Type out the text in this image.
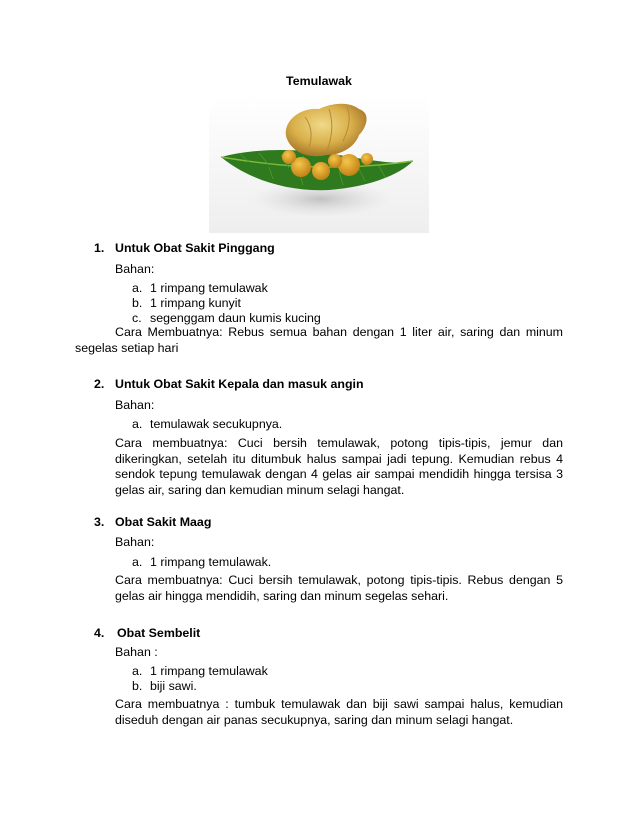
Temulawak
1. Untuk Obat Sakit Pinggang
Bahan:
a. 1 rimpang temulawak
b. 1 rimpang kunyit
c. segenggam daun kumis kucing
Cara Membuatnya: Rebus semua bahan dengan 1 liter air, saring dan minum segelas setiap hari
2. Untuk Obat Sakit Kepala dan masuk angin
Bahan:
a. temulawak secukupnya.
Cara membuatnya: Cuci bersih temulawak, potong tipis-tipis, jemur dan dikeringkan, setelah itu ditumbuk halus sampai jadi tepung. Kemudian rebus 4 sendok tepung temulawak dengan 4 gelas air sampai mendidih hingga tersisa 3 gelas air, saring dan kemudian minum selagi hangat.
3. Obat Sakit Maag
Bahan:
a. 1 rimpang temulawak.
Cara membuatnya: Cuci bersih temulawak, potong tipis-tipis. Rebus dengan 5 gelas air hingga mendidih, saring dan minum segelas sehari.
4. Obat Sembelit
Bahan :
a. 1 rimpang temulawak
b. biji sawi.
Cara membuatnya : tumbuk temulawak dan biji sawi sampai halus, kemudian diseduh dengan air panas secukupnya, saring dan minum selagi hangat.
